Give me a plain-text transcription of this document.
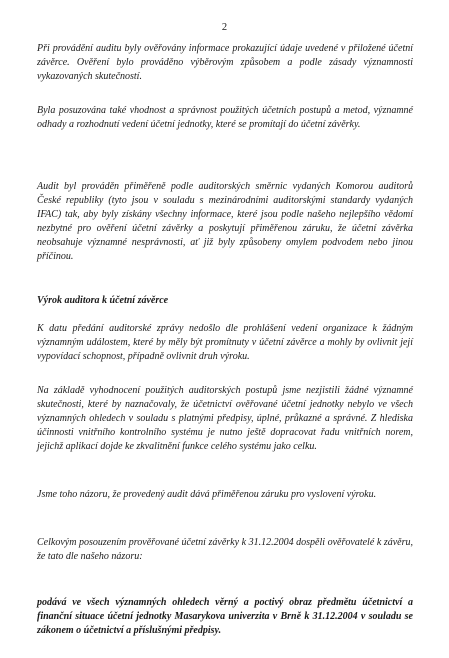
2

Při provádění auditu byly ověřovány informace prokazující údaje uvedené v přiložené účetní závěrce. Ověření bylo prováděno výběrovým způsobem a podle zásady významnosti vykazovaných skutečností.

Byla posuzována také vhodnost a správnost použitých účetních postupů a metod, významné odhady a rozhodnutí vedení účetní jednotky, které se promítají do účetní závěrky.

Audit byl prováděn přiměřeně podle auditorských směrnic vydaných Komorou auditorů České republiky (tyto jsou v souladu s mezinárodními auditorskými standardy vydaných IFAC) tak, aby byly získány všechny informace, které jsou podle našeho nejlepšího vědomí nezbytné pro ověření účetní závěrky a poskytují přiměřenou záruku, že účetní závěrka neobsahuje významné nesprávnosti, ať již byly způsobeny omylem podvodem nebo jinou příčinou.

Výrok auditora k účetní závěrce

K datu předání auditorské zprávy nedošlo dle prohlášení vedení organizace k žádným významným událostem, které by měly být promítnuty v účetní závěrce a mohly by ovlivnit její vypovídací schopnost, případně ovlivnit druh výroku.

Na základě vyhodnocení použitých auditorských postupů jsme nezjistili žádné významné skutečnosti, které by naznačovaly, že účetnictví ověřované účetní jednotky nebylo ve všech významných ohledech v souladu s platnými předpisy, úplné, průkazné a správné. Z hlediska účinnosti vnitřního kontrolního systému je nutno ještě dopracovat řadu vnitřních norem, jejichž aplikací dojde ke zkvalitnění funkce celého systému jako celku.

Jsme toho názoru, že provedený audit dává přiměřenou záruku pro vyslovení výroku.

Celkovým posouzením prověřované účetní závěrky k 31.12.2004 dospěli ověřovatelé k závěru, že tato dle našeho názoru:

podává ve všech významných ohledech věrný a poctivý obraz předmětu účetnictví a finanční situace účetní jednotky Masarykova univerzita v Brně k 31.12.2004 v souladu se zákonem o účetnictví a příslušnými předpisy.
